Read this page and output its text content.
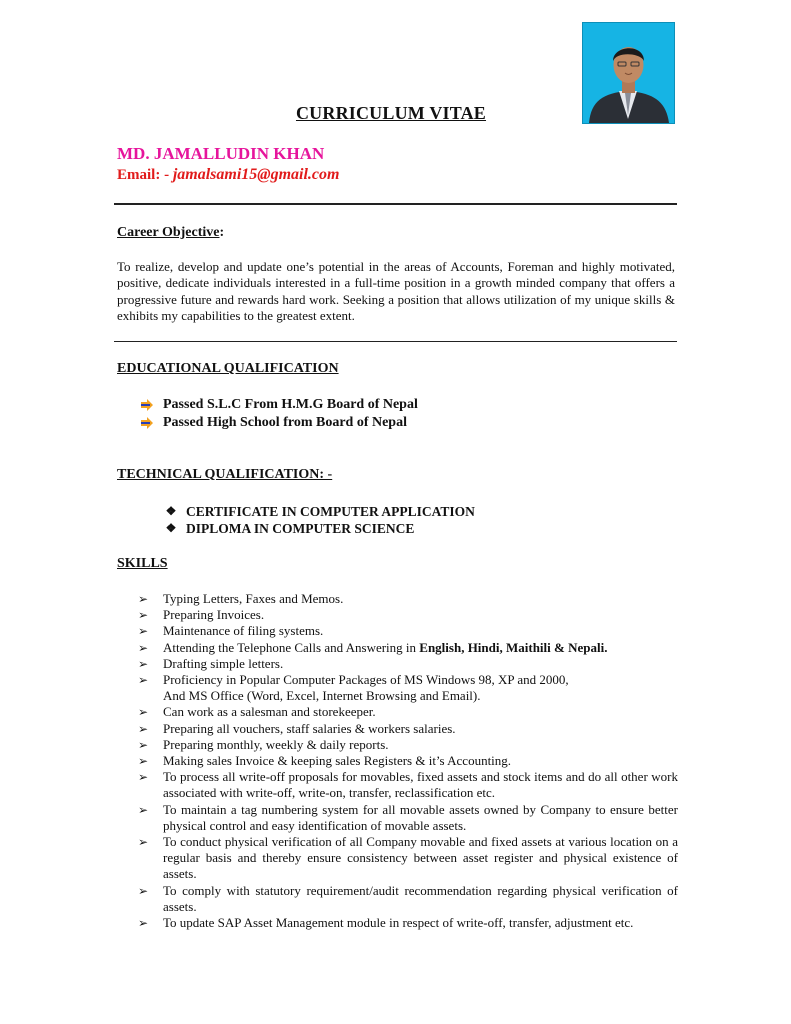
CURRICULUM VITAE
MD. JAMALLUDIN KHAN
Email: - jamalsami15@gmail.com
Career Objective:
To realize, develop and update one’s potential in the areas of Accounts, Foreman and highly motivated, positive, dedicate individuals interested in a full-time position in a growth minded company that offers a progressive future and rewards hard work. Seeking a position that allows utilization of my unique skills & exhibits my capabilities to the greatest extent.
EDUCATIONAL QUALIFICATION
Passed S.L.C From H.M.G Board of Nepal
Passed High School from Board of Nepal
TECHNICAL QUALIFICATION: -
❖ CERTIFICATE IN COMPUTER APPLICATION
❖ DIPLOMA IN COMPUTER SCIENCE
SKILLS
➢	Typing Letters, Faxes and Memos.
➢	Preparing Invoices.
➢	Maintenance of filing systems.
➢	Attending the Telephone Calls and Answering in English, Hindi, Maithili & Nepali.
➢	Drafting simple letters.
➢	Proficiency in Popular Computer Packages of MS Windows 98, XP and 2000,
And MS Office (Word, Excel, Internet Browsing and Email).
➢	Can work as a salesman and storekeeper.
➢	Preparing all vouchers, staff salaries & workers salaries.
➢	Preparing monthly, weekly & daily reports.
➢	Making sales Invoice & keeping sales Registers & it’s Accounting.
➢	To process all write-off proposals for movables, fixed assets and stock items and do all other work associated with write-off, write-on, transfer, reclassification etc.
➢	To maintain a tag numbering system for all movable assets owned by Company to ensure better physical control and easy identification of movable assets.
➢	To conduct physical verification of all Company movable and fixed assets at various location on a regular basis and thereby ensure consistency between asset register and physical existence of assets.
➢	To comply with statutory requirement/audit recommendation regarding physical verification of assets.
➢	To update SAP Asset Management module in respect of write-off, transfer, adjustment etc.
